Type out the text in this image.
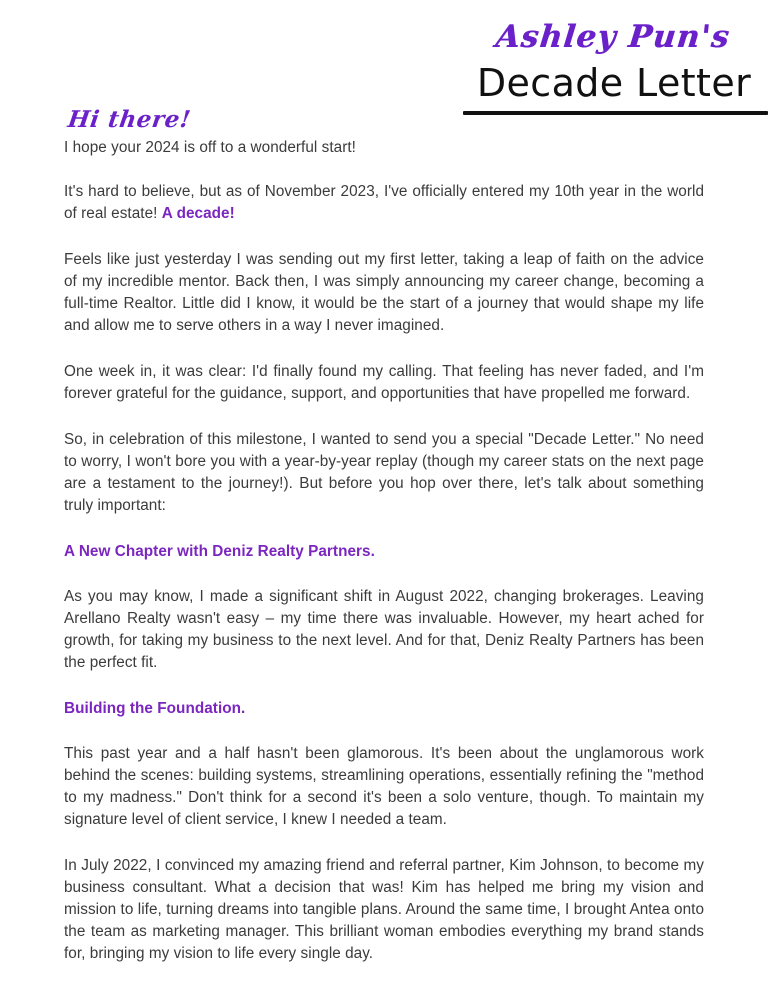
Ashley Pun's
Decade Letter
Hi there!

I hope your 2024 is off to a wonderful start!

It's hard to believe, but as of November 2023, I've officially entered my 10th year in the world of real estate! A decade!

Feels like just yesterday I was sending out my first letter, taking a leap of faith on the advice of my incredible mentor. Back then, I was simply announcing my career change, becoming a full-time Realtor. Little did I know, it would be the start of a journey that would shape my life and allow me to serve others in a way I never imagined.

One week in, it was clear: I'd finally found my calling. That feeling has never faded, and I'm forever grateful for the guidance, support, and opportunities that have propelled me forward.

So, in celebration of this milestone, I wanted to send you a special "Decade Letter." No need to worry, I won't bore you with a year-by-year replay (though my career stats on the next page are a testament to the journey!). But before you hop over there, let's talk about something truly important:

A New Chapter with Deniz Realty Partners.

As you may know, I made a significant shift in August 2022, changing brokerages. Leaving Arellano Realty wasn't easy – my time there was invaluable. However, my heart ached for growth, for taking my business to the next level. And for that, Deniz Realty Partners has been the perfect fit.

Building the Foundation.

This past year and a half hasn't been glamorous. It's been about the unglamorous work behind the scenes: building systems, streamlining operations, essentially refining the "method to my madness." Don't think for a second it's been a solo venture, though. To maintain my signature level of client service, I knew I needed a team.

In July 2022, I convinced my amazing friend and referral partner, Kim Johnson, to become my business consultant. What a decision that was! Kim has helped me bring my vision and mission to life, turning dreams into tangible plans. Around the same time, I brought Antea onto the team as marketing manager. This brilliant woman embodies everything my brand stands for, bringing my vision to life every single day.
